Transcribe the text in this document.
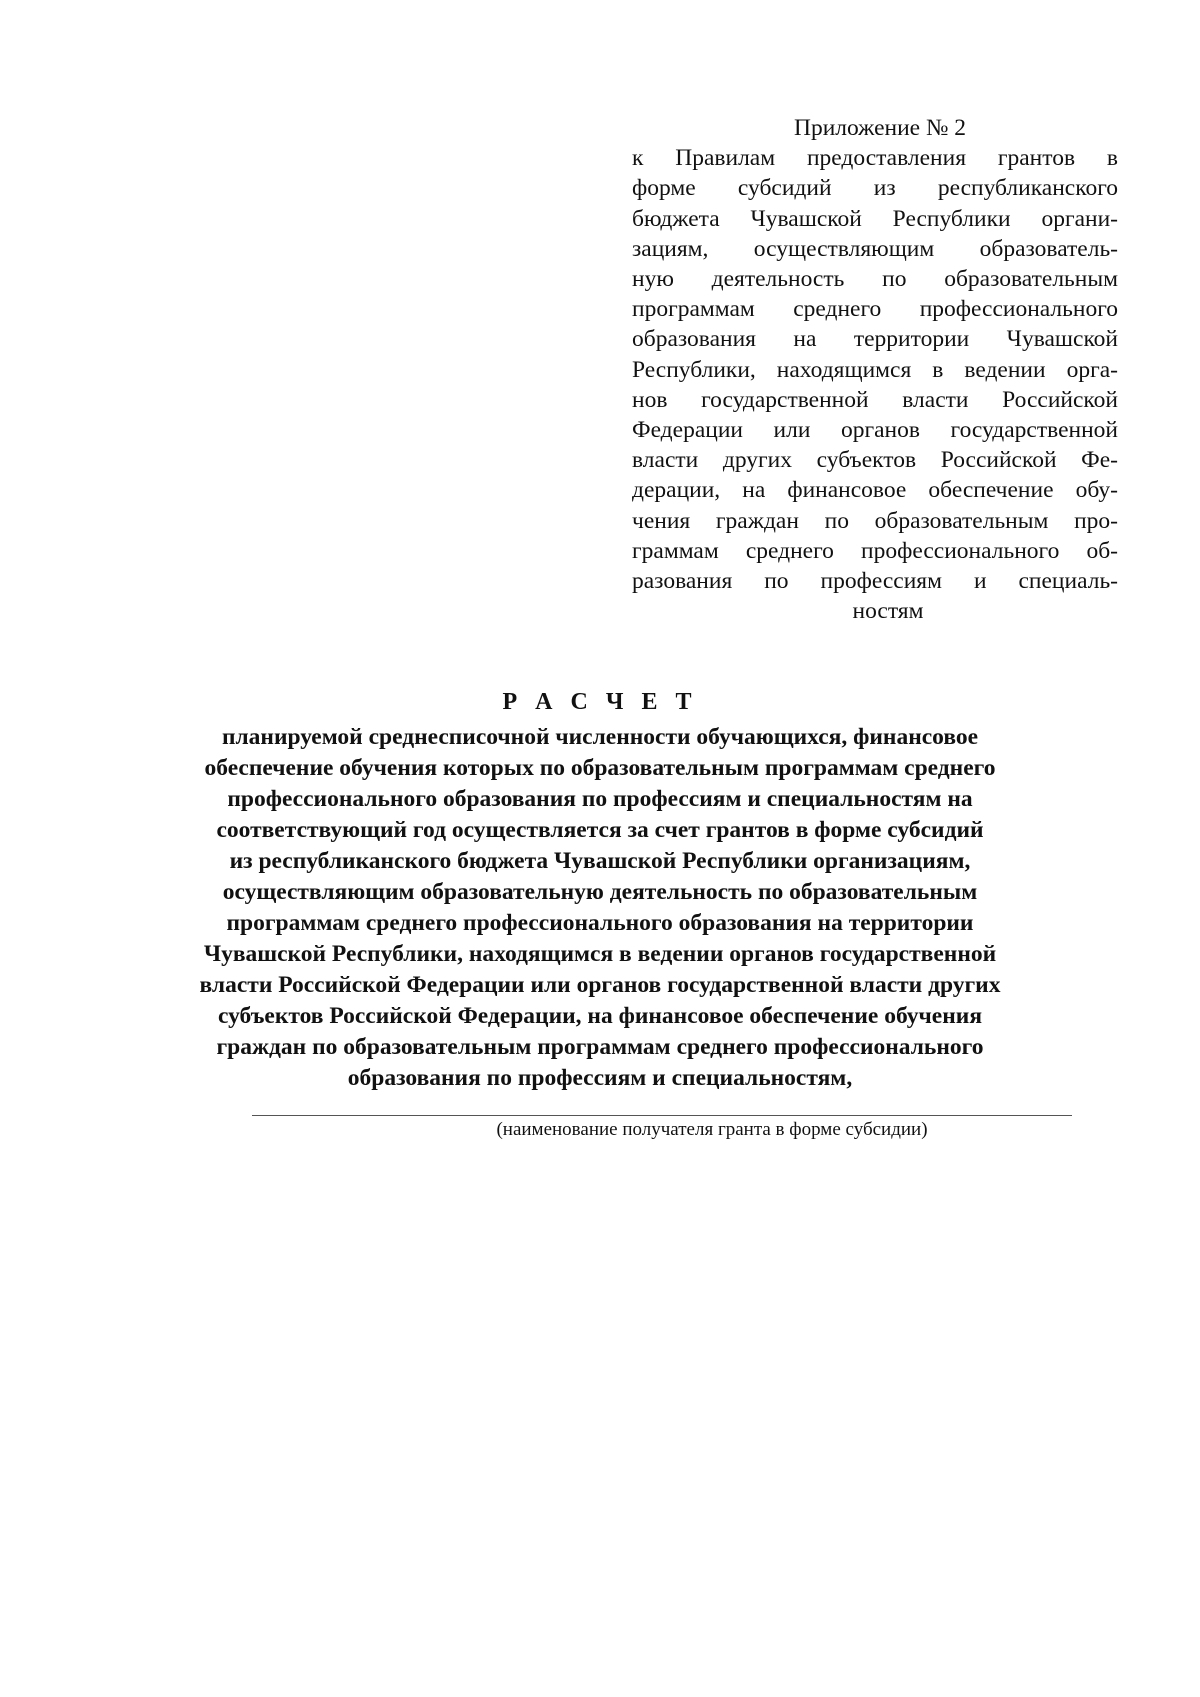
Приложение № 2

к Правилам предоставления грантов в
форме субсидий из республиканского
бюджета Чувашской Республики органи-
зациям, осуществляющим образователь-
ную деятельность по образовательным
программам среднего профессионального
образования на территории Чувашской
Республики, находящимся в ведении орга-
нов государственной власти Российской
Федерации или органов государственной
власти других субъектов Российской Фе-
дерации, на финансовое обеспечение обу-
чения граждан по образовательным про-
граммам среднего профессионального об-
разования по профессиям и специаль-

ностям

Р А С Ч Е Т

планируемой среднесписочной численности обучающихся, финансовое
обеспечение обучения которых по образовательным программам среднего
профессионального образования по профессиям и специальностям на
соответствующий год осуществляется за счет грантов в форме субсидий
из республиканского бюджета Чувашской Республики организациям,
осуществляющим образовательную деятельность по образовательным
программам среднего профессионального образования на территории
Чувашской Республики, находящимся в ведении органов государственной
власти Российской Федерации или органов государственной власти других
субъектов Российской Федерации, на финансовое обеспечение обучения
граждан по образовательным программам среднего профессионального
образования по профессиям и специальностям,

(наименование получателя гранта в форме субсидии)
